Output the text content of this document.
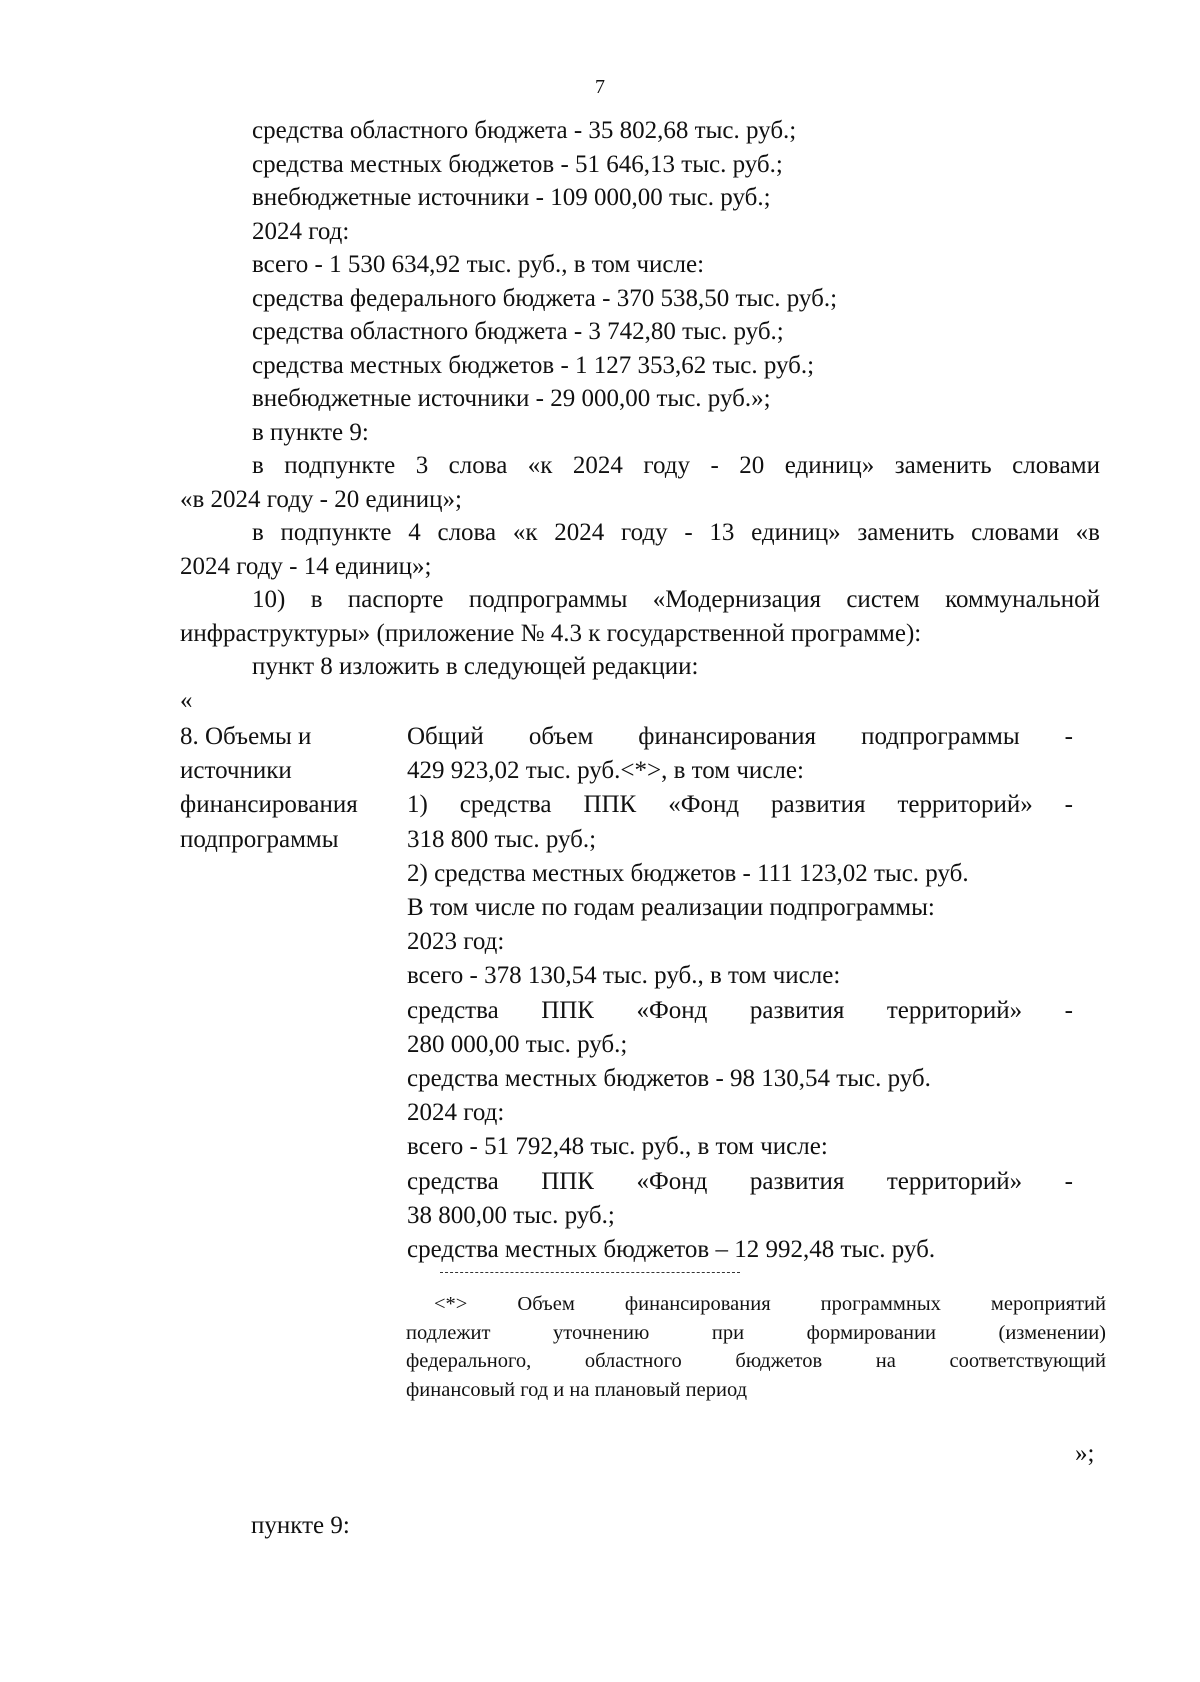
7
средства областного бюджета - 35 802,68 тыс. руб.;
средства местных бюджетов - 51 646,13 тыс. руб.;
внебюджетные источники - 109 000,00 тыс. руб.;
2024 год:
всего - 1 530 634,92 тыс. руб., в том числе:
средства федерального бюджета - 370 538,50 тыс. руб.;
средства областного бюджета - 3 742,80 тыс. руб.;
средства местных бюджетов - 1 127 353,62 тыс. руб.;
внебюджетные источники - 29 000,00 тыс. руб.»;
в пункте 9:
в подпункте 3 слова «к 2024 году - 20 единиц» заменить словами
«в 2024 году - 20 единиц»;
в подпункте 4 слова «к 2024 году - 13 единиц» заменить словами «в
2024 году - 14 единиц»;
10) в паспорте подпрограммы «Модернизация систем коммунальной
инфраструктуры» (приложение № 4.3 к государственной программе):
пункт 8 изложить в следующей редакции:
«
8. Объемы и
источники
финансирования
подпрограммы
Общий объем финансирования подпрограммы -
429 923,02 тыс. руб.<*>, в том числе:
1) средства ППК «Фонд развития территорий» -
318 800 тыс. руб.;
2) средства местных бюджетов - 111 123,02 тыс. руб.
В том числе по годам реализации подпрограммы:
2023 год:
всего - 378 130,54 тыс. руб., в том числе:
средства ППК «Фонд развития территорий» -
280 000,00 тыс. руб.;
средства местных бюджетов - 98 130,54 тыс. руб.
2024 год:
всего - 51 792,48 тыс. руб., в том числе:
средства ППК «Фонд развития территорий» -
38 800,00 тыс. руб.;
средства местных бюджетов – 12 992,48 тыс. руб.
<*> Объем финансирования программных мероприятий
подлежит уточнению при формировании (изменении)
федерального, областного бюджетов на соответствующий
финансовый год и на плановый период
»;
пункте 9:
